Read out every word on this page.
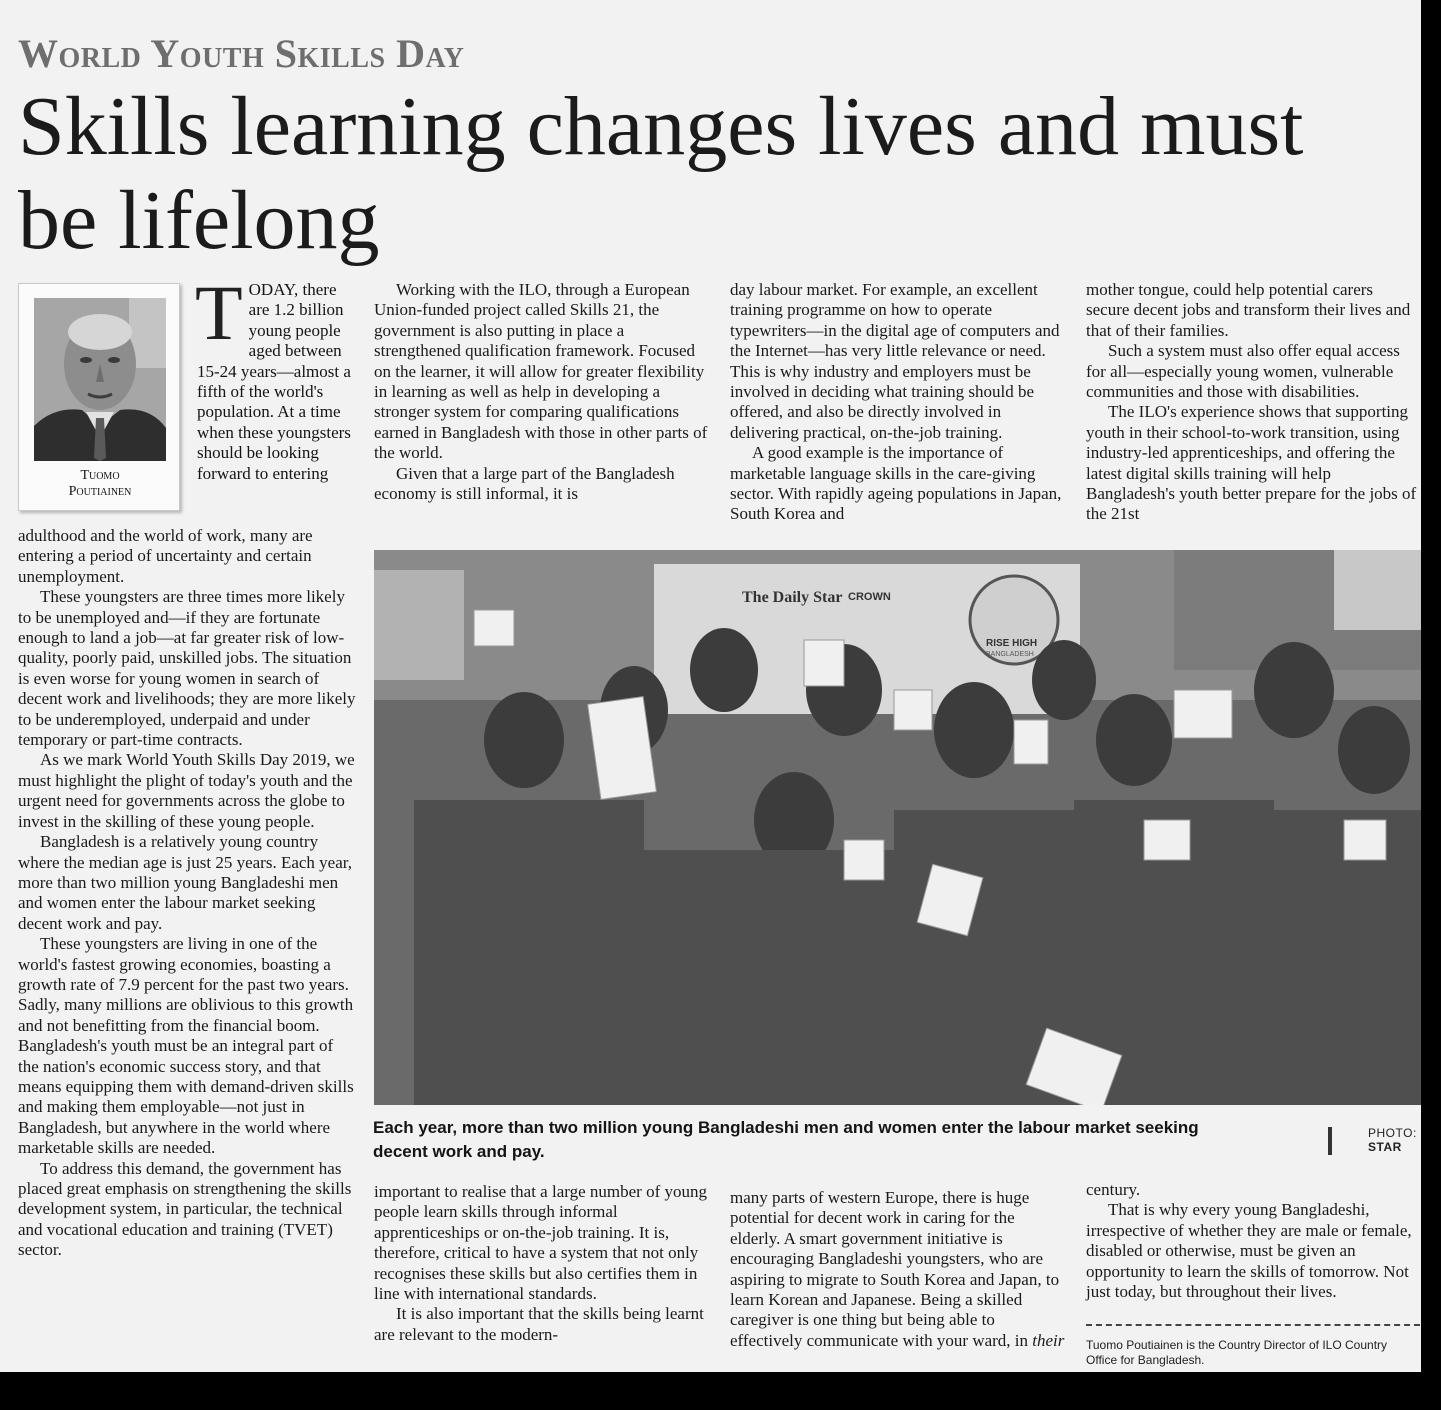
World Youth Skills Day
Skills learning changes lives and must be lifelong
Tuomo
Poutiainen
TODAY, there are 1.2 billion young people aged between 15-24 years—almost a fifth of the world's population. At a time when these youngsters should be looking forward to entering

adulthood and the world of work, many are entering a period of uncertainty and certain unemployment.

These youngsters are three times more likely to be unemployed and—if they are fortunate enough to land a job—at far greater risk of low-quality, poorly paid, unskilled jobs. The situation is even worse for young women in search of decent work and livelihoods; they are more likely to be underemployed, underpaid and under temporary or part-time contracts.

As we mark World Youth Skills Day 2019, we must highlight the plight of today's youth and the urgent need for governments across the globe to invest in the skilling of these young people.

Bangladesh is a relatively young country where the median age is just 25 years. Each year, more than two million young Bangladeshi men and women enter the labour market seeking decent work and pay.

These youngsters are living in one of the world's fastest growing economies, boasting a growth rate of 7.9 percent for the past two years. Sadly, many millions are oblivious to this growth and not benefitting from the financial boom. Bangladesh's youth must be an integral part of the nation's economic success story, and that means equipping them with demand-driven skills and making them employable—not just in Bangladesh, but anywhere in the world where marketable skills are needed.

To address this demand, the government has placed great emphasis on strengthening the skills development system, in particular, the technical and vocational education and training (TVET) sector.

Working with the ILO, through a European Union-funded project called Skills 21, the government is also putting in place a strengthened qualification framework. Focused on the learner, it will allow for greater flexibility in learning as well as help in developing a stronger system for comparing qualifications earned in Bangladesh with those in other parts of the world.

Given that a large part of the Bangladesh economy is still informal, it is

day labour market. For example, an excellent training programme on how to operate typewriters—in the digital age of computers and the Internet—has very little relevance or need. This is why industry and employers must be involved in deciding what training should be offered, and also be directly involved in delivering practical, on-the-job training.

A good example is the importance of marketable language skills in the care-giving sector. With rapidly ageing populations in Japan, South Korea and

mother tongue, could help potential carers secure decent jobs and transform their lives and that of their families.

Such a system must also offer equal access for all—especially young women, vulnerable communities and those with disabilities.

The ILO's experience shows that supporting youth in their school-to-work transition, using industry-led apprenticeships, and offering the latest digital skills training will help Bangladesh's youth better prepare for the jobs of the 21st

The Daily Star CROWN
RISE HIGH
BANGLADESH
Each year, more than two million young Bangladeshi men and women enter the labour market seeking decent work and pay.
PHOTO:
STAR

important to realise that a large number of young people learn skills through informal apprenticeships or on-the-job training. It is, therefore, critical to have a system that not only recognises these skills but also certifies them in line with international standards.

It is also important that the skills being learnt are relevant to the modern-

many parts of western Europe, there is huge potential for decent work in caring for the elderly. A smart government initiative is encouraging Bangladeshi youngsters, who are aspiring to migrate to South Korea and Japan, to learn Korean and Japanese. Being a skilled caregiver is one thing but being able to effectively communicate with your ward, in their

century.

That is why every young Bangladeshi, irrespective of whether they are male or female, disabled or otherwise, must be given an opportunity to learn the skills of tomorrow. Not just today, but throughout their lives.

Tuomo Poutiainen is the Country Director of ILO Country Office for Bangladesh.
